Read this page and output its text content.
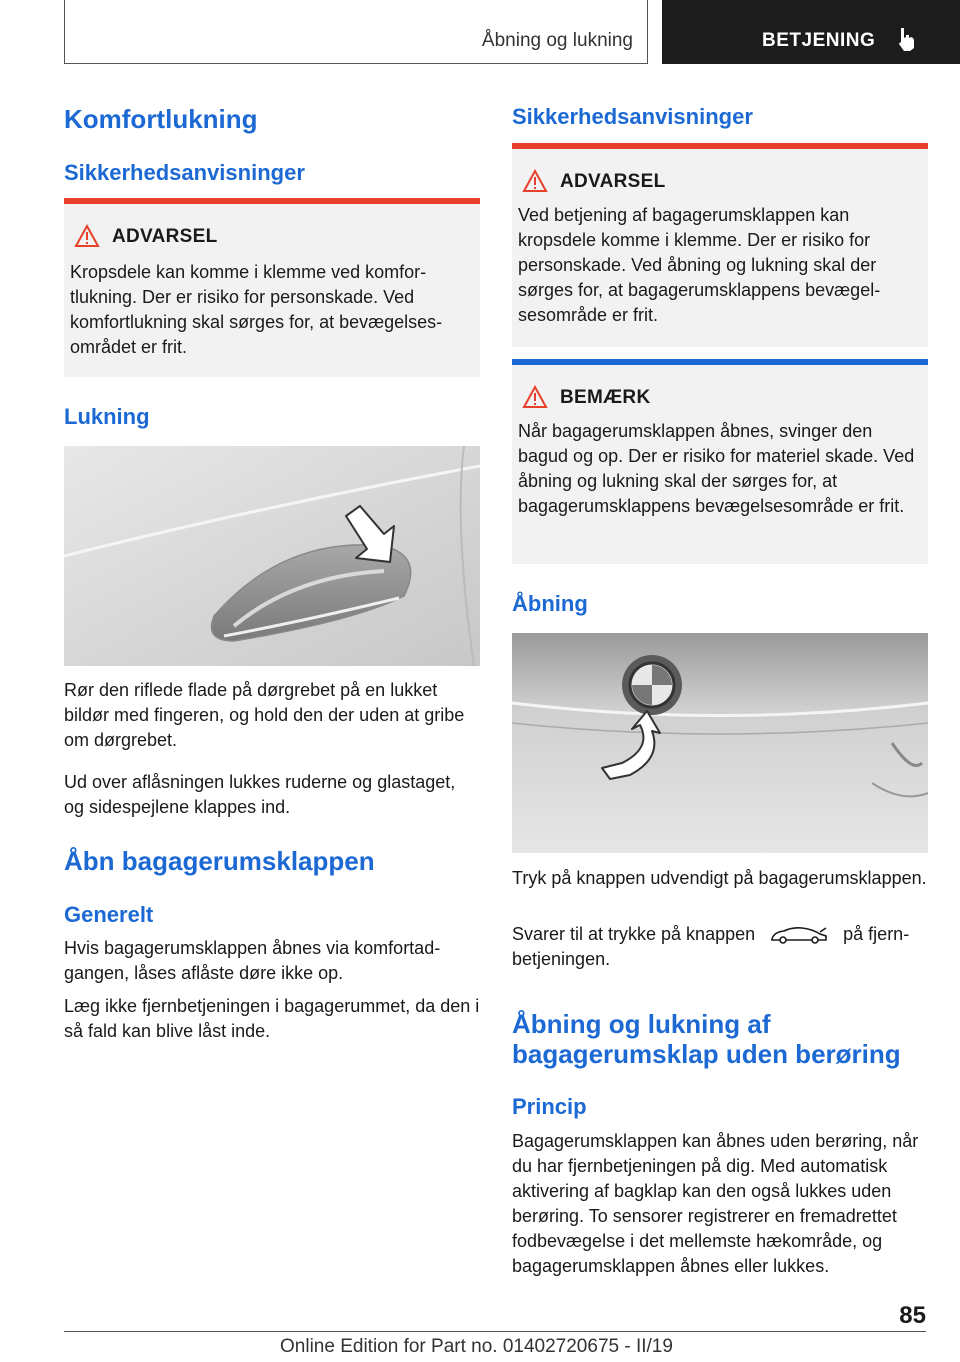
Åbning og lukning	BETJENING
Komfortlukning
Sikkerhedsanvisninger
ADVARSEL
Kropsdele kan komme i klemme ved komfortlukning. Der er risiko for personskade. Ved komfortlukning skal sørges for, at bevægelsesområdet er frit.
Lukning

Rør den riflede flade på dørgrebet på en lukket bildør med fingeren, og hold den der uden at gribe om dørgrebet.

Ud over aflåsningen lukkes ruderne og glastaget, og sidespejlene klappes ind.

Åbn bagagerumsklappen
Generelt

Hvis bagagerumsklappen åbnes via komfortadgangen, låses aflåste døre ikke op.

Læg ikke fjernbetjeningen i bagagerummet, da den i så fald kan blive låst inde.

Sikkerhedsanvisninger
ADVARSEL
Ved betjening af bagagerumsklappen kan kropsdele komme i klemme. Der er risiko for personskade. Ved åbning og lukning skal der sørges for, at bagagerumsklappens bevægelsesområde er frit.
BEMÆRK
Når bagagerumsklappen åbnes, svinger den bagud og op. Der er risiko for materiel skade. Ved åbning og lukning skal der sørges for, at bagagerumsklappens bevægelsesområde er frit.
Åbning

Tryk på knappen udvendigt på bagagerumsklappen.

Svarer til at trykke på knappen	på fjernbetjeningen.

Åbning og lukning af
bagagerumsklap uden berøring
Princip

Bagagerumsklappen kan åbnes uden berøring, når du har fjernbetjeningen på dig. Med automatisk aktivering af bagklap kan den også lukkes uden berøring. To sensorer registrerer en fremadrettet fodbevægelse i det mellemste hækområde, og bagagerumsklappen åbnes eller lukkes.

85
Online Edition for Part no. 01402720675 - II/19
